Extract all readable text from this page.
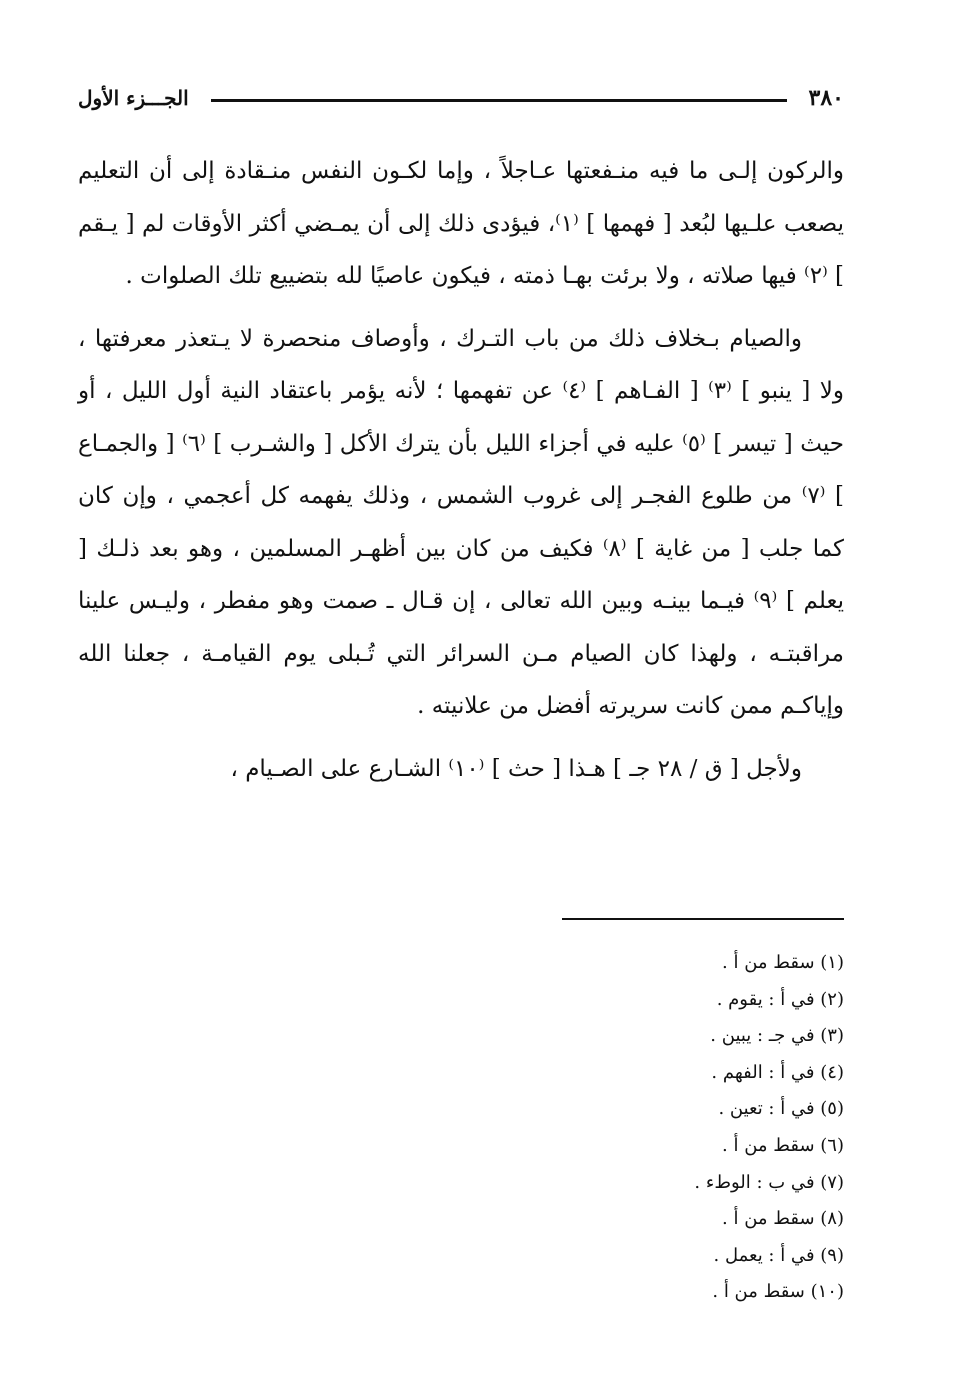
٣٨٠
الجـــزء الأول

والركون إلـى ما فيه منـفعتها عـاجلاً ، وإما لكـون النفس منـقادة إلى أن التعليم يصعب علـيها لبُعد [ فهمها ] ⁽١⁾، فيؤدى ذلك إلى أن يمـضي أكثر الأوقات لم [ يـقم ] ⁽٢⁾ فيها صلاته ، ولا برئت بهـا ذمته ، فيكون عاصيًا لله بتضييع تلك الصلوات .

والصيام بـخلاف ذلك من باب التـرك ، وأوصاف منحصرة لا يـتعذر معرفتها ، ولا [ ينبو ] ⁽٣⁾ [ الفـاهم ] ⁽٤⁾ عن تفهمها ؛ لأنه يؤمر باعتقاد النية أول الليل ، أو حيث [ تيسر ] ⁽٥⁾ عليه في أجزاء الليل بأن يترك الأكل [ والشـرب ] ⁽٦⁾ [ والجمـاع ] ⁽٧⁾ من طلوع الفجـر إلى غروب الشمس ، وذلك يفهمه كل أعجمي ، وإن كان كما جلب [ من غاية ] ⁽٨⁾ فكيف من كان بين أظهـر المسلمين ، وهو بعد ذلـك [ يعلم ] ⁽٩⁾ فيـما بينـه وبين الله تعالى ، إن قـال ـ صمت وهو مفطر ، وليـس علينا مراقبتـه ، ولهذا كان الصيام مـن السرائر التي تُـبلى يوم القيامـة ، جعلنا الله وإياكـم ممن كانت سريرته أفضل من علانيته .

ولأجل [ ق / ٢٨ جـ ] هـذا [ حث ] ⁽١٠⁾ الشـارع على الصـيام ،

(١) سقط من أ .
(٢) في أ : يقوم .
(٣) في جـ : يبين .
(٤) في أ : الفهم .
(٥) في أ : تعين .
(٦) سقط من أ .
(٧) في ب : الوطء .
(٨) سقط من أ .
(٩) في أ : يعمل .
(١٠) سقط من أ .
